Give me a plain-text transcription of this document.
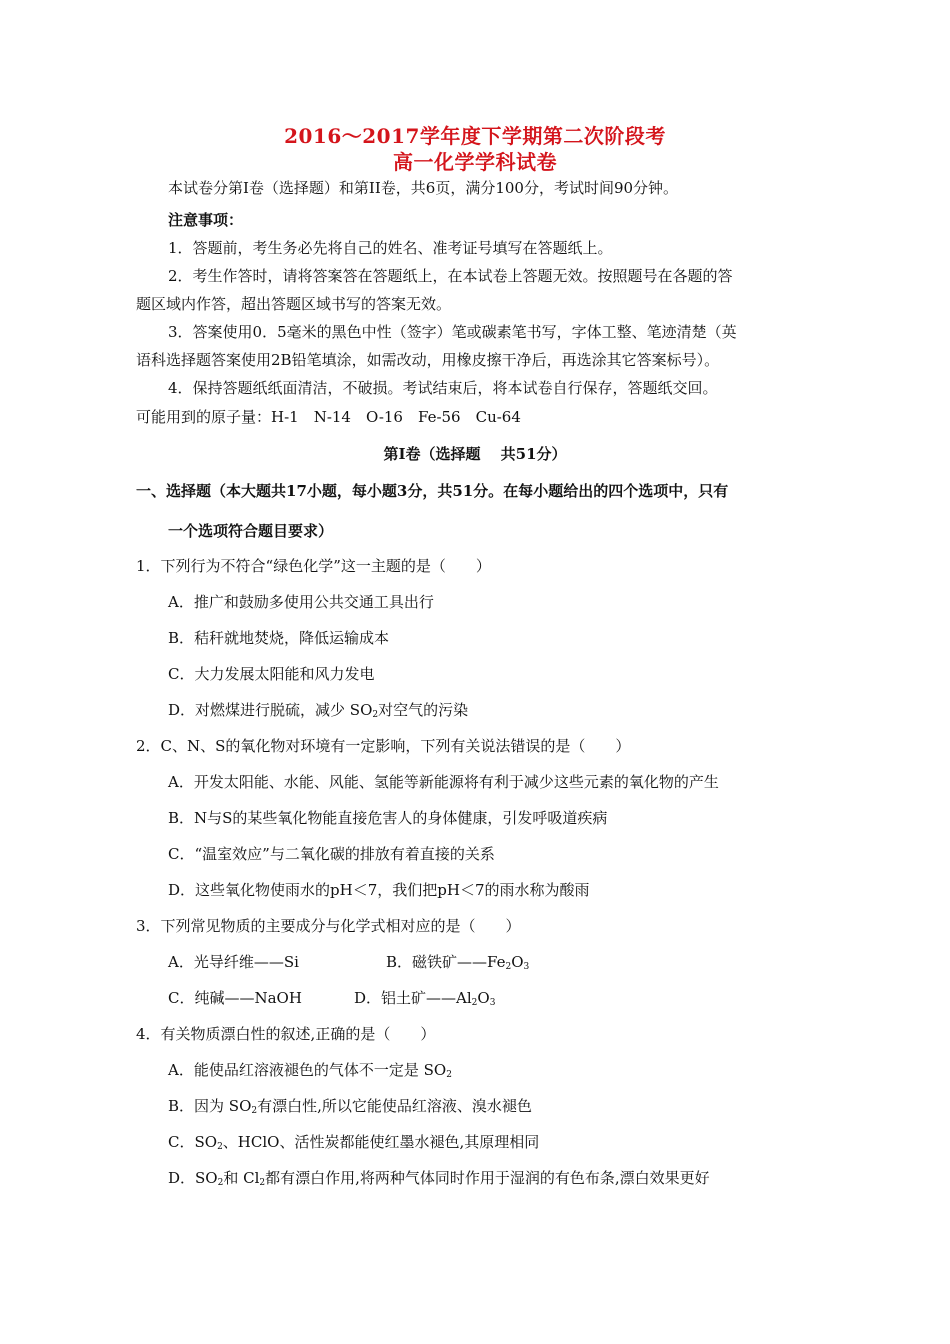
2016～2017学年度下学期第二次阶段考
高一化学学科试卷
本试卷分第I卷（选择题）和第II卷，共6页，满分100分，考试时间90分钟。
注意事项：
1．答题前，考生务必先将自己的姓名、准考证号填写在答题纸上。
2．考生作答时，请将答案答在答题纸上，在本试卷上答题无效。按照题号在各题的答
题区域内作答，超出答题区域书写的答案无效。
3．答案使用0．5毫米的黑色中性（签字）笔或碳素笔书写，字体工整、笔迹清楚（英
语科选择题答案使用2B铅笔填涂，如需改动，用橡皮擦干净后，再选涂其它答案标号）。
4．保持答题纸纸面清洁，不破损。考试结束后，将本试卷自行保存，答题纸交回。
可能用到的原子量：H-1　N-14　O-16　Fe-56　Cu-64
第I卷（选择题　 共51分）
一、选择题（本大题共17小题，每小题3分，共51分。在每小题给出的四个选项中，只有
一个选项符合题目要求）
1．下列行为不符合“绿色化学”这一主题的是（　　）
A．推广和鼓励多使用公共交通工具出行
B．秸秆就地焚烧，降低运输成本
C．大力发展太阳能和风力发电
D．对燃煤进行脱硫，减少 $SO_2$对空气的污染
2．C、N、S的氧化物对环境有一定影响，下列有关说法错误的是（　　）
A．开发太阳能、水能、风能、氢能等新能源将有利于减少这些元素的氧化物的产生
B．N与S的某些氧化物能直接危害人的身体健康，引发呼吸道疾病
C．“温室效应”与二氧化碳的排放有着直接的关系
D．这些氧化物使雨水的pH＜7，我们把pH＜7的雨水称为酸雨
3．下列常见物质的主要成分与化学式相对应的是（　　）
A．光导纤维——Si	B．磁铁矿$——Fe_2O_3$
C．纯碱——NaOH	D．铝土矿$——Al_2O_3$
4．有关物质漂白性的叙述,正确的是（　　）
A．能使品红溶液褪色的气体不一定是 $SO_2$
B．因为 $SO_2$有漂白性,所以它能使品红溶液、溴水褪色
C．$SO_2$、HClO、活性炭都能使红墨水褪色,其原理相同
D．$SO_2$和 $Cl_2$都有漂白作用,将两种气体同时作用于湿润的有色布条,漂白效果更好
